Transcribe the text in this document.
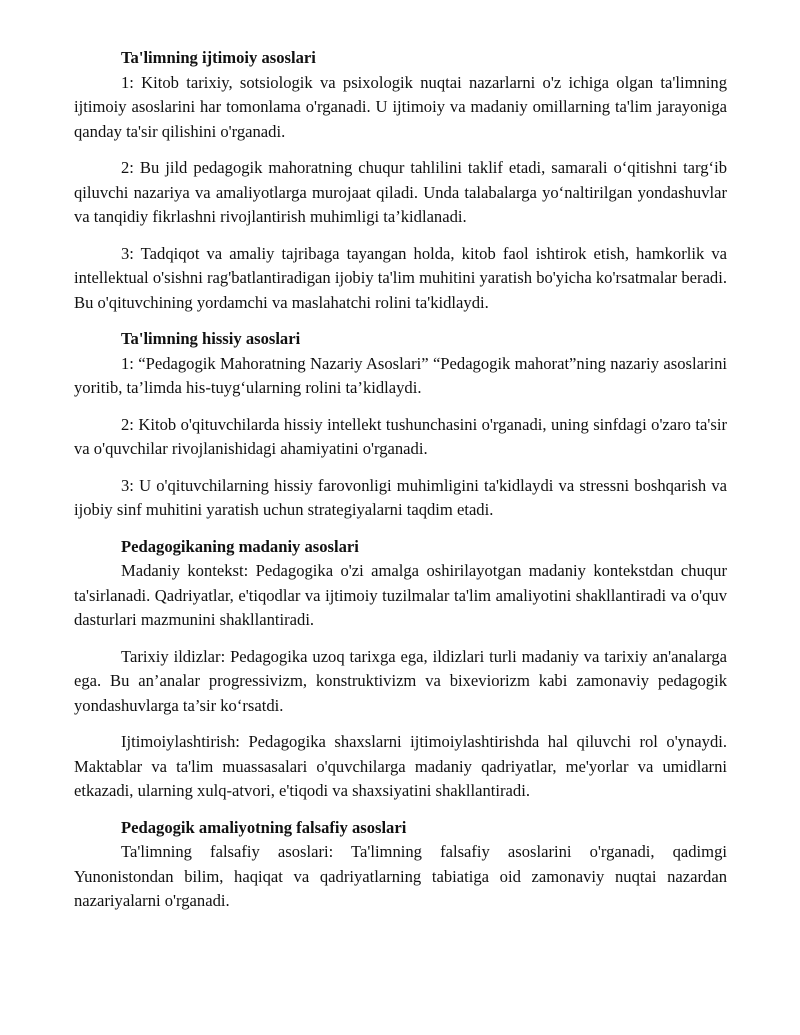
Ta'limning ijtimoiy asoslari

1: Kitob tarixiy, sotsiologik va psixologik nuqtai nazarlarni o'z ichiga olgan ta'limning ijtimoiy asoslarini har tomonlama o'rganadi. U ijtimoiy va madaniy omillarning ta'lim jarayoniga qanday ta'sir qilishini o'rganadi.

2: Bu jild pedagogik mahoratning chuqur tahlilini taklif etadi, samarali o‘qitishni targ‘ib qiluvchi nazariya va amaliyotlarga murojaat qiladi. Unda talabalarga yo‘naltirilgan yondashuvlar va tanqidiy fikrlashni rivojlantirish muhimligi ta’kidlanadi.

3: Tadqiqot va amaliy tajribaga tayangan holda, kitob faol ishtirok etish, hamkorlik va intellektual o'sishni rag'batlantiradigan ijobiy ta'lim muhitini yaratish bo'yicha ko'rsatmalar beradi. Bu o'qituvchining yordamchi va maslahatchi rolini ta'kidlaydi.

Ta'limning hissiy asoslari

1: “Pedagogik Mahoratning Nazariy Asoslari” “Pedagogik mahorat”ning nazariy asoslarini yoritib, ta’limda his-tuyg‘ularning rolini ta’kidlaydi.

2: Kitob o'qituvchilarda hissiy intellekt tushunchasini o'rganadi, uning sinfdagi o'zaro ta'sir va o'quvchilar rivojlanishidagi ahamiyatini o'rganadi.

3: U o'qituvchilarning hissiy farovonligi muhimligini ta'kidlaydi va stressni boshqarish va ijobiy sinf muhitini yaratish uchun strategiyalarni taqdim etadi.

Pedagogikaning madaniy asoslari

Madaniy kontekst: Pedagogika o'zi amalga oshirilayotgan madaniy kontekstdan chuqur ta'sirlanadi. Qadriyatlar, e'tiqodlar va ijtimoiy tuzilmalar ta'lim amaliyotini shakllantiradi va o'quv dasturlari mazmunini shakllantiradi.

Tarixiy ildizlar: Pedagogika uzoq tarixga ega, ildizlari turli madaniy va tarixiy an'analarga ega. Bu an’analar progressivizm, konstruktivizm va bixeviorizm kabi zamonaviy pedagogik yondashuvlarga ta’sir ko‘rsatdi.

Ijtimoiylashtirish: Pedagogika shaxslarni ijtimoiylashtirishda hal qiluvchi rol o'ynaydi. Maktablar va ta'lim muassasalari o'quvchilarga madaniy qadriyatlar, me'yorlar va umidlarni etkazadi, ularning xulq-atvori, e'tiqodi va shaxsiyatini shakllantiradi.

Pedagogik amaliyotning falsafiy asoslari

Ta'limning falsafiy asoslari: Ta'limning falsafiy asoslarini o'rganadi, qadimgi Yunonistondan bilim, haqiqat va qadriyatlarning tabiatiga oid zamonaviy nuqtai nazardan nazariyalarni o'rganadi.
